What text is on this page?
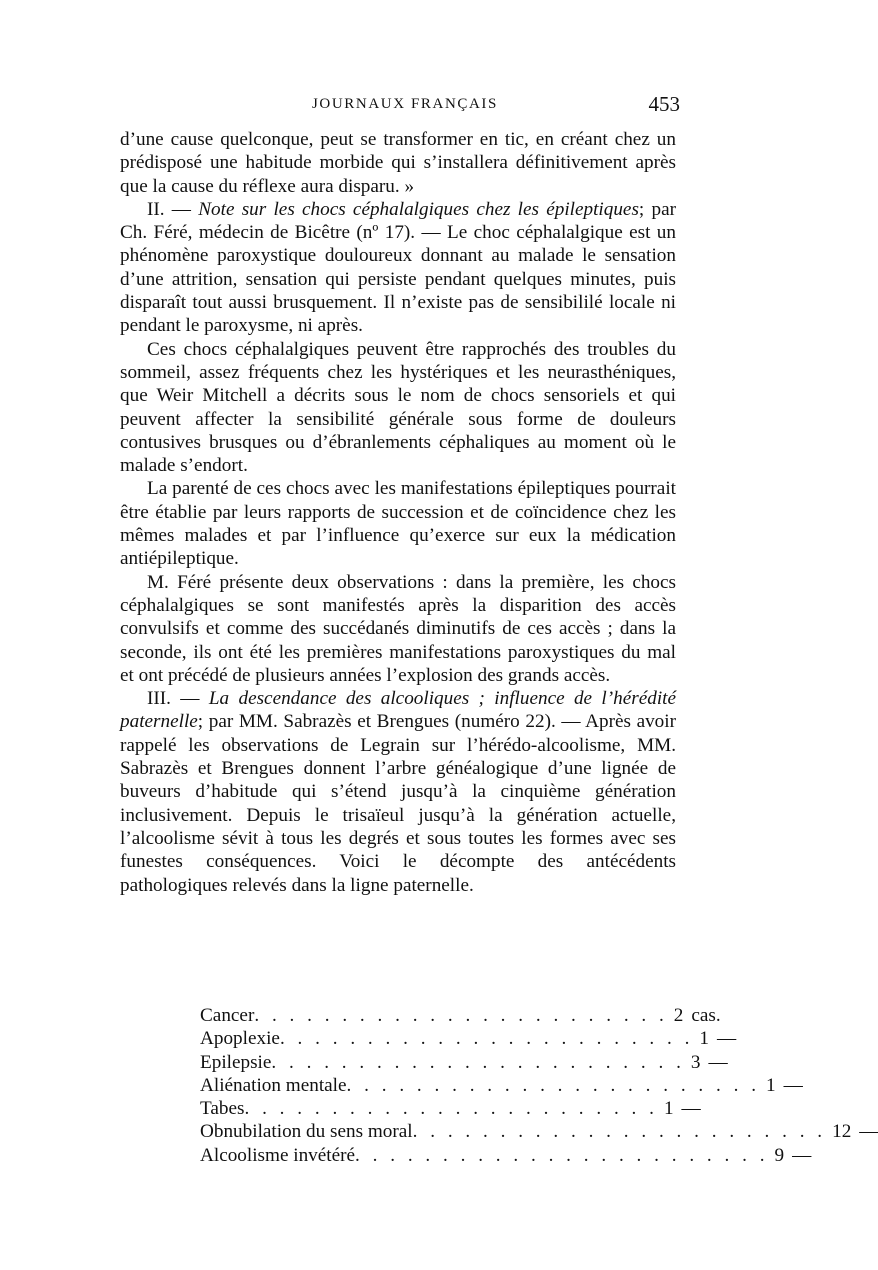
JOURNAUX FRANÇAIS	453

d’une cause quelconque, peut se transformer en tic, en créant chez un prédisposé une habitude morbide qui s’installera définitivement après que la cause du réflexe aura disparu. »

II. — Note sur les chocs céphalalgiques chez les épileptiques; par Ch. Féré, médecin de Bicêtre (nº 17). — Le choc céphalalgique est un phénomène paroxystique douloureux donnant au malade le sensation d’une attrition, sensation qui persiste pendant quelques minutes, puis disparaît tout aussi brusquement. Il n’existe pas de sensibililé locale ni pendant le paroxysme, ni après.

Ces chocs céphalalgiques peuvent être rapprochés des troubles du sommeil, assez fréquents chez les hystériques et les neurasthéniques, que Weir Mitchell a décrits sous le nom de chocs sensoriels et qui peuvent affecter la sensibilité générale sous forme de douleurs contusives brusques ou d’ébranlements céphaliques au moment où le malade s’endort.

La parenté de ces chocs avec les manifestations épileptiques pourrait être établie par leurs rapports de succession et de coïncidence chez les mêmes malades et par l’influence qu’exerce sur eux la médication antiépileptique.

M. Féré présente deux observations : dans la première, les chocs céphalalgiques se sont manifestés après la disparition des accès convulsifs et comme des succédanés diminutifs de ces accès ; dans la seconde, ils ont été les premières manifestations paroxystiques du mal et ont précédé de plusieurs années l’explosion des grands accès.

III. — La descendance des alcooliques ; influence de l’hérédité paternelle; par MM. Sabrazès et Brengues (numéro 22). — Après avoir rappelé les observations de Legrain sur l’hérédo-alcoolisme, MM. Sabrazès et Brengues donnent l’arbre généalogique d’une lignée de buveurs d’habitude qui s’étend jusqu’à la cinquième génération inclusivement. Depuis le trisaïeul jusqu’à la génération actuelle, l’alcoolisme sévit à tous les degrés et sous toutes les formes avec ses funestes conséquences. Voici le décompte des antécédents pathologiques relevés dans la ligne paternelle.

Cancer . . . . . . . . . . . . . . . . . . . . . . . . 2 cas.
Apoplexie . . . . . . . . . . . . . . . . . . . . . . . . 1 —
Epilepsie . . . . . . . . . . . . . . . . . . . . . . . . 3 —
Aliénation mentale . . . . . . . . . . . . . . . . . . . . . . . . 1 —
Tabes . . . . . . . . . . . . . . . . . . . . . . . . 1 —
Obnubilation du sens moral . . . . . . . . . . . . . . . . . . . . . . . . 12 —
Alcoolisme invétéré . . . . . . . . . . . . . . . . . . . . . . . . 9 —
